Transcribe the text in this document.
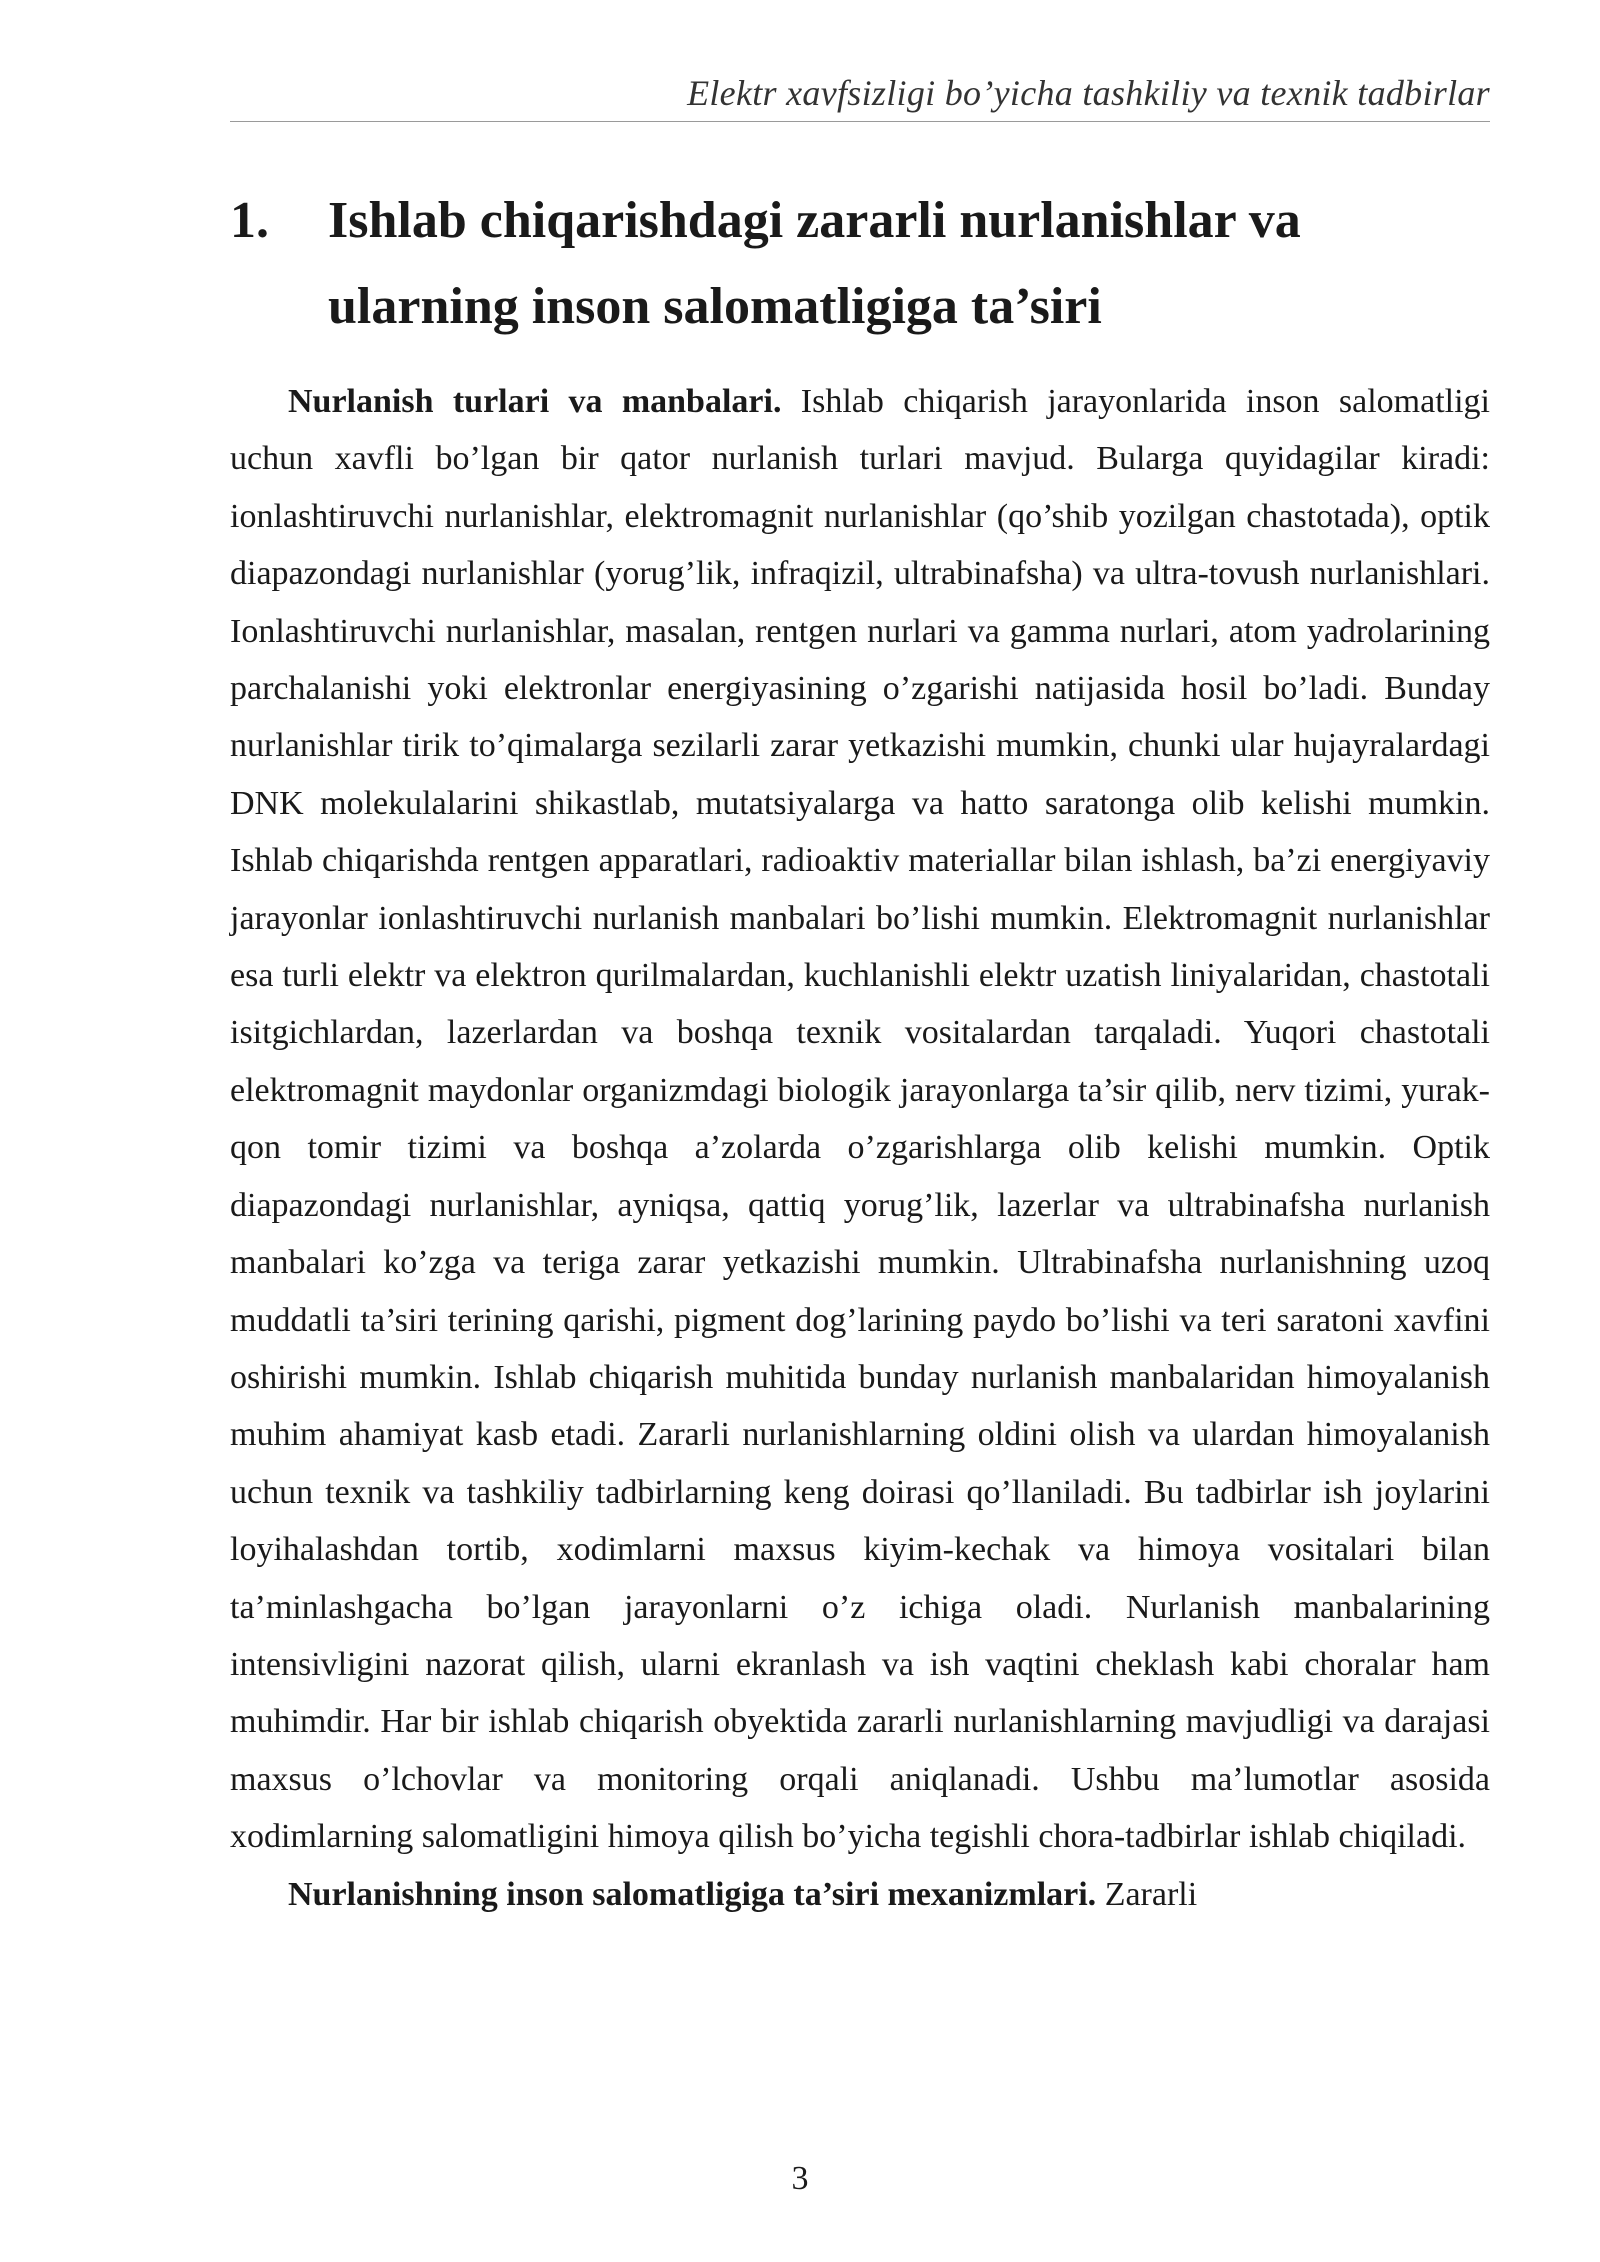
Elektr xavfsizligi bo’yicha tashkiliy va texnik tadbirlar
1. Ishlab chiqarishdagi zararli nurlanishlar va ularning inson salomatligiga ta’siri

Nurlanish turlari va manbalari. Ishlab chiqarish jarayonlarida inson salomatligi uchun xavfli bo’lgan bir qator nurlanish turlari mavjud. Bularga quyidagilar kiradi: ionlashtiruvchi nurlanishlar, elektromagnit nurlanishlar (qo’shib yozilgan chastotada), optik diapazondagi nurlanishlar (yorug’lik, infraqizil, ultrabinafsha) va ultra-tovush nurlanishlari. Ionlashtiruvchi nurlanishlar, masalan, rentgen nurlari va gamma nurlari, atom yadrolarining parchalanishi yoki elektronlar energiyasining o’zgarishi natijasida hosil bo’ladi. Bunday nurlanishlar tirik to’qimalarga sezilarli zarar yetkazishi mumkin, chunki ular hujayralardagi DNK molekulalarini shikastlab, mutatsiyalarga va hatto saratonga olib kelishi mumkin. Ishlab chiqarishda rentgen apparatlari, radioaktiv materiallar bilan ishlash, ba’zi energiyaviy jarayonlar ionlashtiruvchi nurlanish manbalari bo’lishi mumkin. Elektromagnit nurlanishlar esa turli elektr va elektron qurilmalardan, kuchlanishli elektr uzatish liniyalaridan, chastotali isitgichlardan, lazerlardan va boshqa texnik vositalardan tarqaladi. Yuqori chastotali elektromagnit maydonlar organizmdagi biologik jarayonlarga ta’sir qilib, nerv tizimi, yurak-qon tomir tizimi va boshqa a’zolarda o’zgarishlarga olib kelishi mumkin. Optik diapazondagi nurlanishlar, ayniqsa, qattiq yorug’lik, lazerlar va ultrabinafsha nurlanish manbalari ko’zga va teriga zarar yetkazishi mumkin. Ultrabinafsha nurlanishning uzoq muddatli ta’siri terining qarishi, pigment dog’larining paydo bo’lishi va teri saratoni xavfini oshirishi mumkin. Ishlab chiqarish muhitida bunday nurlanish manbalaridan himoyalanish muhim ahamiyat kasb etadi. Zararli nurlanishlarning oldini olish va ulardan himoyalanish uchun texnik va tashkiliy tadbirlarning keng doirasi qo’llaniladi. Bu tadbirlar ish joylarini loyihalashdan tortib, xodimlarni maxsus kiyim-kechak va himoya vositalari bilan ta’minlashgacha bo’lgan jarayonlarni o’z ichiga oladi. Nurlanish manbalarining intensivligini nazorat qilish, ularni ekranlash va ish vaqtini cheklash kabi choralar ham muhimdir. Har bir ishlab chiqarish obyektida zararli nurlanishlarning mavjudligi va darajasi maxsus o’lchovlar va monitoring orqali aniqlanadi. Ushbu ma’lumotlar asosida xodimlarning salomatligini himoya qilish bo’yicha tegishli chora-tadbirlar ishlab chiqiladi.

Nurlanishning inson salomatligiga ta’siri mexanizmlari. Zararli

3
